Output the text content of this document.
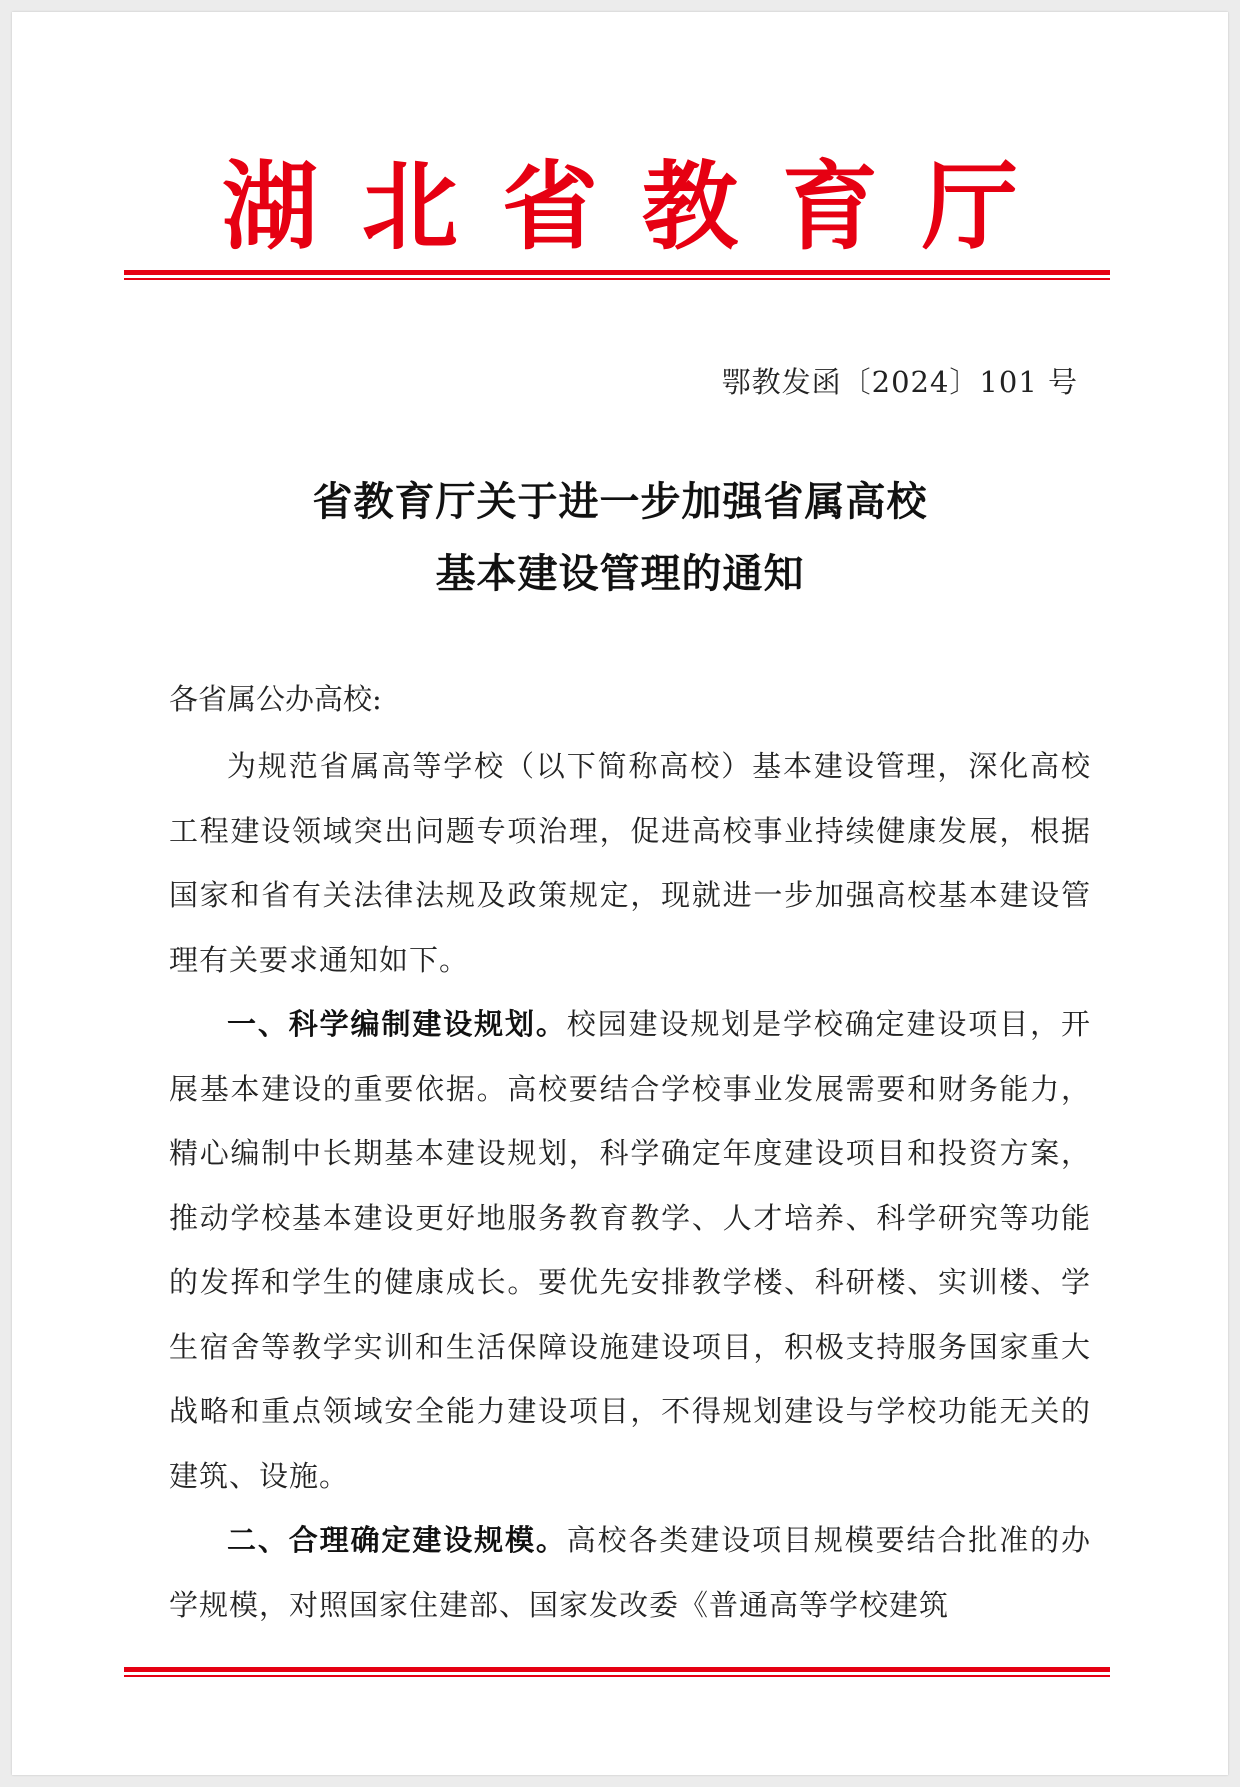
湖北省教育厅
鄂教发函〔2024〕101 号
省教育厅关于进一步加强省属高校
基本建设管理的通知
各省属公办高校:

为规范省属高等学校（以下简称高校）基本建设管理，深化高校工程建设领域突出问题专项治理，促进高校事业持续健康发展，根据国家和省有关法律法规及政策规定，现就进一步加强高校基本建设管理有关要求通知如下。

一、科学编制建设规划。校园建设规划是学校确定建设项目，开展基本建设的重要依据。高校要结合学校事业发展需要和财务能力，精心编制中长期基本建设规划，科学确定年度建设项目和投资方案，推动学校基本建设更好地服务教育教学、人才培养、科学研究等功能的发挥和学生的健康成长。要优先安排教学楼、科研楼、实训楼、学生宿舍等教学实训和生活保障设施建设项目，积极支持服务国家重大战略和重点领域安全能力建设项目，不得规划建设与学校功能无关的建筑、设施。

二、合理确定建设规模。高校各类建设项目规模要结合批准的办学规模，对照国家住建部、国家发改委《普通高等学校建筑
